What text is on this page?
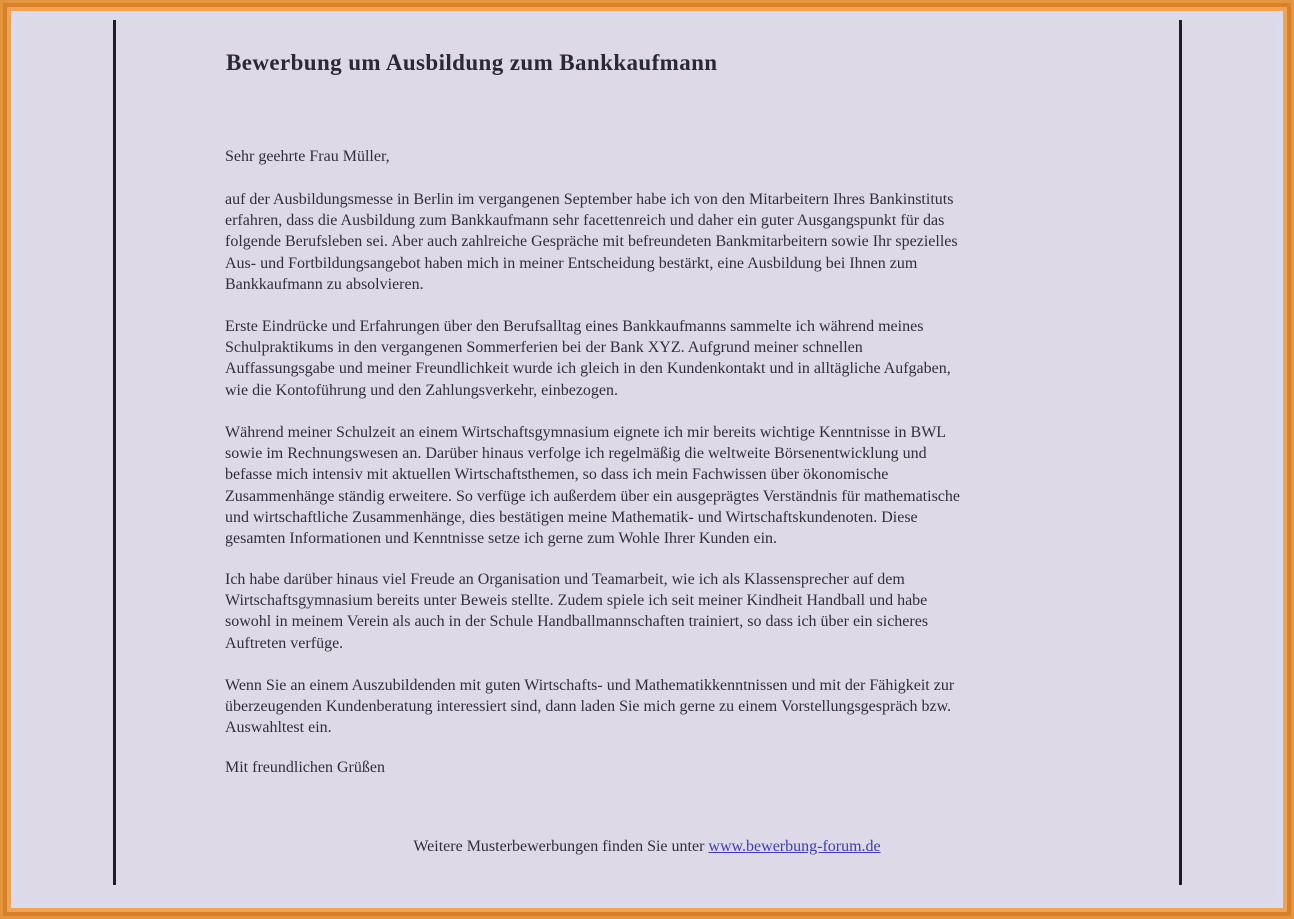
Bewerbung um Ausbildung zum Bankkaufmann

Sehr geehrte Frau Müller,

auf der Ausbildungsmesse in Berlin im vergangenen September habe ich von den Mitarbeitern Ihres Bankinstituts
erfahren, dass die Ausbildung zum Bankkaufmann sehr facettenreich und daher ein guter Ausgangspunkt für das
folgende Berufsleben sei. Aber auch zahlreiche Gespräche mit befreundeten Bankmitarbeitern sowie Ihr spezielles
Aus- und Fortbildungsangebot haben mich in meiner Entscheidung bestärkt, eine Ausbildung bei Ihnen zum
Bankkaufmann zu absolvieren.
Erste Eindrücke und Erfahrungen über den Berufsalltag eines Bankkaufmanns sammelte ich während meines
Schulpraktikums in den vergangenen Sommerferien bei der Bank XYZ. Aufgrund meiner schnellen
Auffassungsgabe und meiner Freundlichkeit wurde ich gleich in den Kundenkontakt und in alltägliche Aufgaben,
wie die Kontoführung und den Zahlungsverkehr, einbezogen.
Während meiner Schulzeit an einem Wirtschaftsgymnasium eignete ich mir bereits wichtige Kenntnisse in BWL
sowie im Rechnungswesen an. Darüber hinaus verfolge ich regelmäßig die weltweite Börsenentwicklung und
befasse mich intensiv mit aktuellen Wirtschaftsthemen, so dass ich mein Fachwissen über ökonomische
Zusammenhänge ständig erweitere. So verfüge ich außerdem über ein ausgeprägtes Verständnis für mathematische
und wirtschaftliche Zusammenhänge, dies bestätigen meine Mathematik- und Wirtschaftskundenoten. Diese
gesamten Informationen und Kenntnisse setze ich gerne zum Wohle Ihrer Kunden ein.
Ich habe darüber hinaus viel Freude an Organisation und Teamarbeit, wie ich als Klassensprecher auf dem
Wirtschaftsgymnasium bereits unter Beweis stellte. Zudem spiele ich seit meiner Kindheit Handball und habe
sowohl in meinem Verein als auch in der Schule Handballmannschaften trainiert, so dass ich über ein sicheres
Auftreten verfüge.
Wenn Sie an einem Auszubildenden mit guten Wirtschafts- und Mathematikkenntnissen und mit der Fähigkeit zur
überzeugenden Kundenberatung interessiert sind, dann laden Sie mich gerne zu einem Vorstellungsgespräch bzw.
Auswahltest ein.

Mit freundlichen Grüßen

Weitere Musterbewerbungen finden Sie unter www.bewerbung-forum.de
